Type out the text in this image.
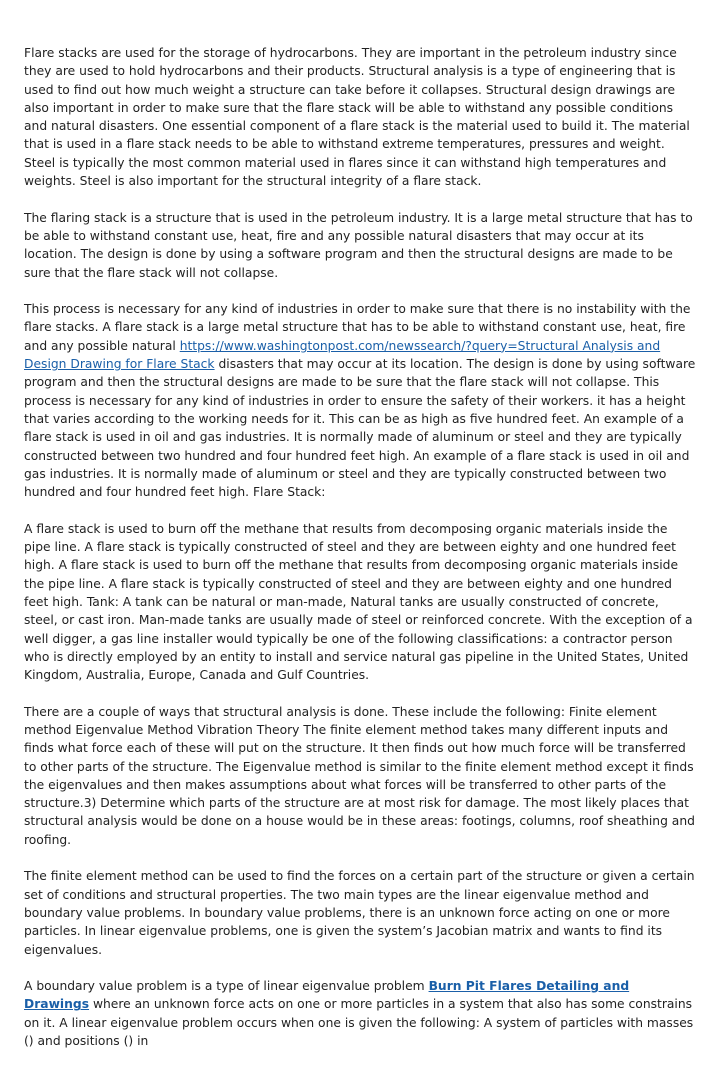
Flare stacks are used for the storage of hydrocarbons. They are important in the petroleum industry since they are used to hold hydrocarbons and their products. Structural analysis is a type of engineering that is used to find out how much weight a structure can take before it collapses. Structural design drawings are also important in order to make sure that the flare stack will be able to withstand any possible conditions and natural disasters. One essential component of a flare stack is the material used to build it. The material that is used in a flare stack needs to be able to withstand extreme temperatures, pressures and weight. Steel is typically the most common material used in flares since it can withstand high temperatures and weights. Steel is also important for the structural integrity of a flare stack.

The flaring stack is a structure that is used in the petroleum industry. It is a large metal structure that has to be able to withstand constant use, heat, fire and any possible natural disasters that may occur at its location. The design is done by using a software program and then the structural designs are made to be sure that the flare stack will not collapse.

This process is necessary for any kind of industries in order to make sure that there is no instability with the flare stacks. A flare stack is a large metal structure that has to be able to withstand constant use, heat, fire and any possible natural https://www.washingtonpost.com/newssearch/?query=Structural Analysis and Design Drawing for Flare Stack disasters that may occur at its location. The design is done by using software program and then the structural designs are made to be sure that the flare stack will not collapse. This process is necessary for any kind of industries in order to ensure the safety of their workers. it has a height that varies according to the working needs for it. This can be as high as five hundred feet. An example of a flare stack is used in oil and gas industries. It is normally made of aluminum or steel and they are typically constructed between two hundred and four hundred feet high. An example of a flare stack is used in oil and gas industries. It is normally made of aluminum or steel and they are typically constructed between two hundred and four hundred feet high. Flare Stack:

A flare stack is used to burn off the methane that results from decomposing organic materials inside the pipe line. A flare stack is typically constructed of steel and they are between eighty and one hundred feet high. A flare stack is used to burn off the methane that results from decomposing organic materials inside the pipe line. A flare stack is typically constructed of steel and they are between eighty and one hundred feet high. Tank: A tank can be natural or man-made, Natural tanks are usually constructed of concrete, steel, or cast iron. Man-made tanks are usually made of steel or reinforced concrete. With the exception of a well digger, a gas line installer would typically be one of the following classifications: a contractor person who is directly employed by an entity to install and service natural gas pipeline in the United States, United Kingdom, Australia, Europe, Canada and Gulf Countries.

There are a couple of ways that structural analysis is done. These include the following: Finite element method Eigenvalue Method Vibration Theory The finite element method takes many different inputs and finds what force each of these will put on the structure. It then finds out how much force will be transferred to other parts of the structure. The Eigenvalue method is similar to the finite element method except it finds the eigenvalues and then makes assumptions about what forces will be transferred to other parts of the structure.3) Determine which parts of the structure are at most risk for damage. The most likely places that structural analysis would be done on a house would be in these areas: footings, columns, roof sheathing and roofing.

The finite element method can be used to find the forces on a certain part of the structure or given a certain set of conditions and structural properties. The two main types are the linear eigenvalue method and boundary value problems. In boundary value problems, there is an unknown force acting on one or more particles. In linear eigenvalue problems, one is given the system’s Jacobian matrix and wants to find its eigenvalues.

A boundary value problem is a type of linear eigenvalue problem Burn Pit Flares Detailing and Drawings where an unknown force acts on one or more particles in a system that also has some constrains on it. A linear eigenvalue problem occurs when one is given the following: A system of particles with masses () and positions () in
